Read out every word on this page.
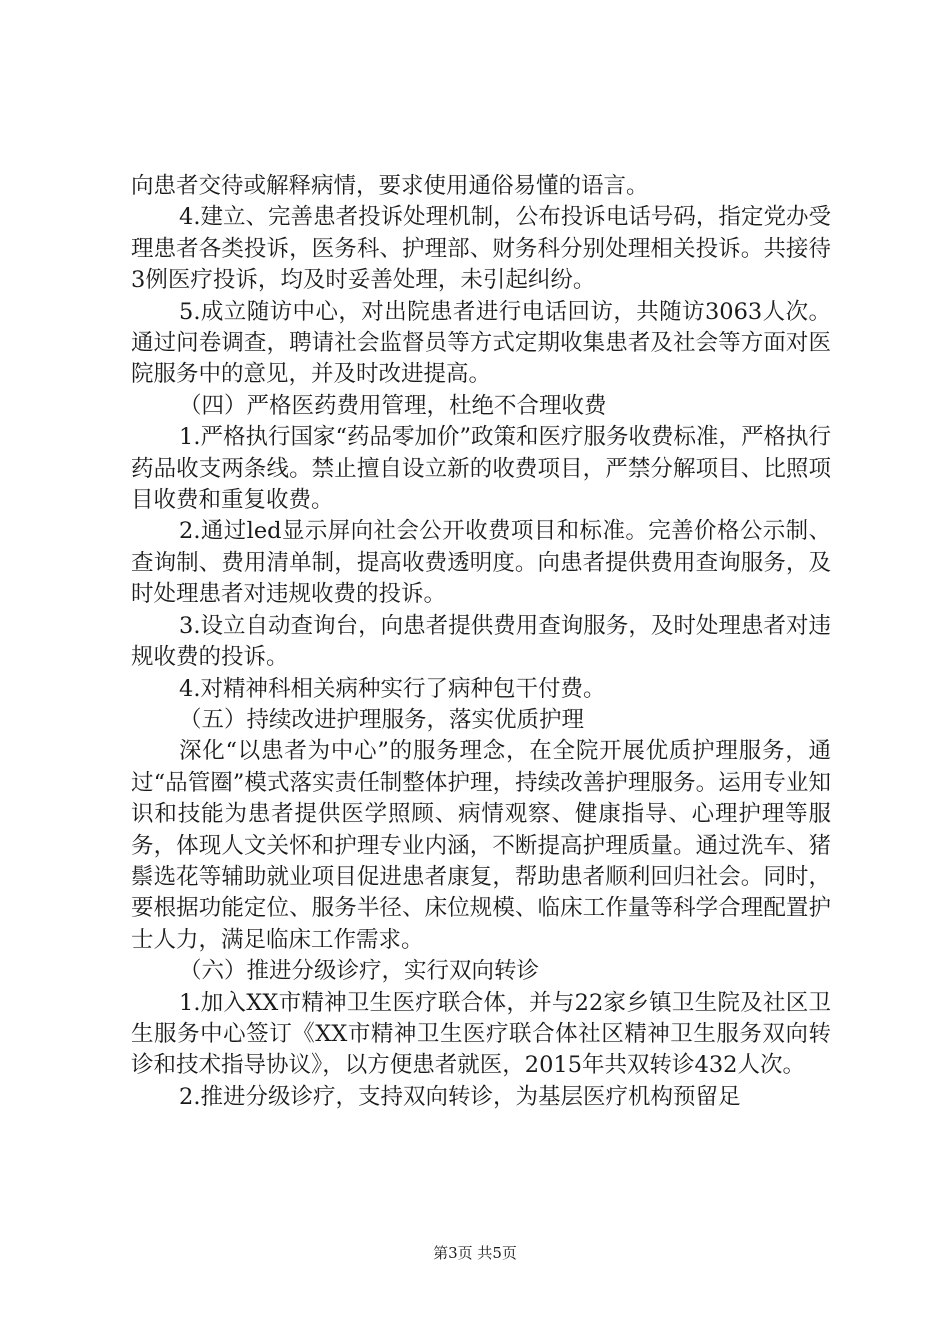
向患者交待或解释病情，要求使用通俗易懂的语言。

4.建立、完善患者投诉处理机制，公布投诉电话号码，指定党办受理患者各类投诉，医务科、护理部、财务科分别处理相关投诉。共接待3例医疗投诉，均及时妥善处理，未引起纠纷。

5.成立随访中心，对出院患者进行电话回访，共随访3063人次。通过问卷调查，聘请社会监督员等方式定期收集患者及社会等方面对医院服务中的意见，并及时改进提高。

（四）严格医药费用管理，杜绝不合理收费

1.严格执行国家“药品零加价”政策和医疗服务收费标准，严格执行药品收支两条线。禁止擅自设立新的收费项目，严禁分解项目、比照项目收费和重复收费。

2.通过led显示屏向社会公开收费项目和标准。完善价格公示制、查询制、费用清单制，提高收费透明度。向患者提供费用查询服务，及时处理患者对违规收费的投诉。

3.设立自动查询台，向患者提供费用查询服务，及时处理患者对违规收费的投诉。

4.对精神科相关病种实行了病种包干付费。

（五）持续改进护理服务，落实优质护理

深化“以患者为中心”的服务理念，在全院开展优质护理服务，通过“品管圈”模式落实责任制整体护理，持续改善护理服务。运用专业知识和技能为患者提供医学照顾、病情观察、健康指导、心理护理等服务，体现人文关怀和护理专业内涵，不断提高护理质量。通过洗车、猪鬃选花等辅助就业项目促进患者康复，帮助患者顺利回归社会。同时，要根据功能定位、服务半径、床位规模、临床工作量等科学合理配置护士人力，满足临床工作需求。

（六）推进分级诊疗，实行双向转诊

1.加入XX市精神卫生医疗联合体，并与22家乡镇卫生院及社区卫生服务中心签订《XX市精神卫生医疗联合体社区精神卫生服务双向转诊和技术指导协议》，以方便患者就医，2015年共双转诊432人次。

2.推进分级诊疗，支持双向转诊，为基层医疗机构预留足

第3页 共5页
